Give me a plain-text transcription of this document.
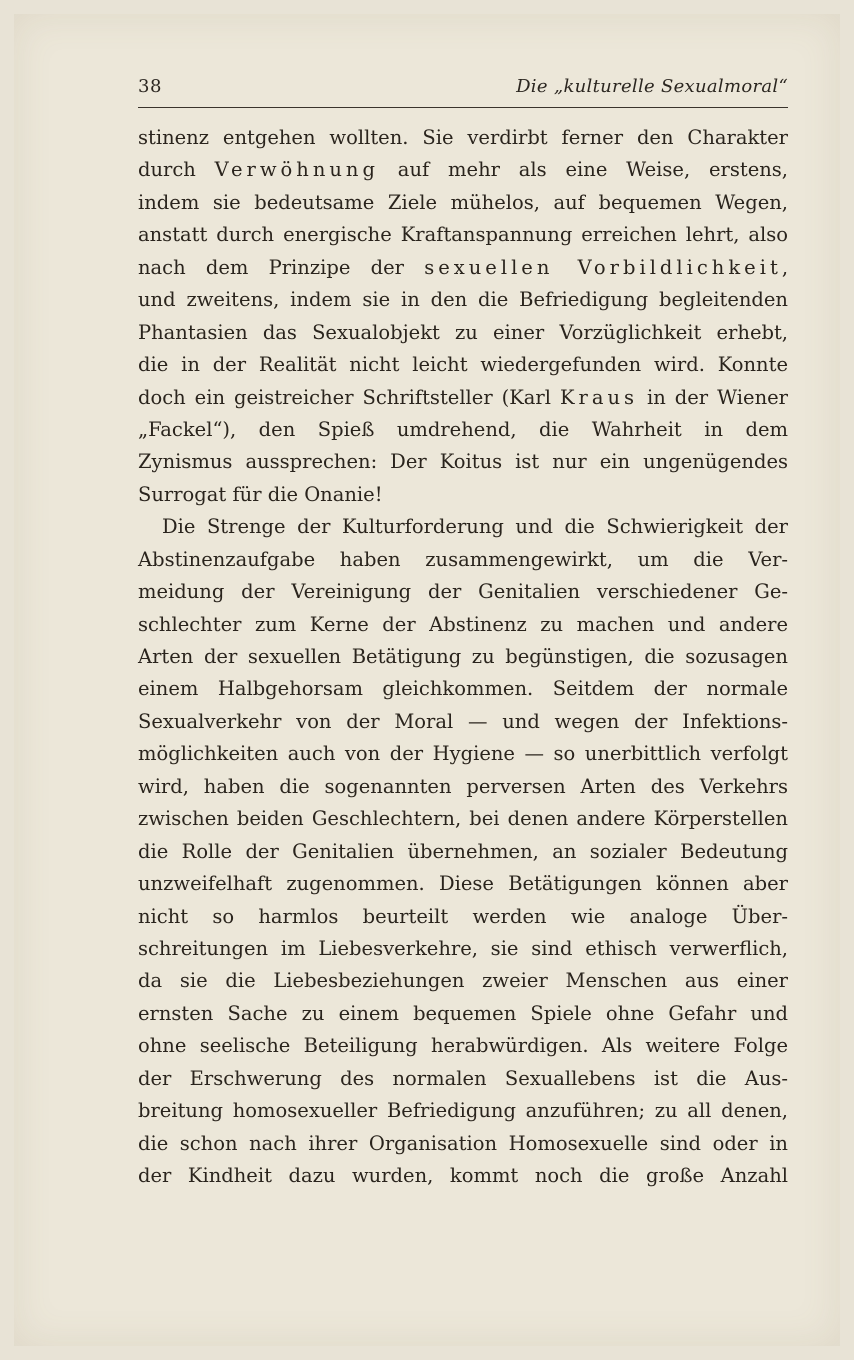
38	Die „kulturelle Sexualmoral“
stinenz entgehen wollten. Sie verdirbt ferner den Charakter
durch Verwöhnung auf mehr als eine Weise, erstens,
indem sie bedeutsame Ziele mühelos, auf bequemen Wegen,
anstatt durch energische Kraftanspannung erreichen lehrt, also
nach dem Prinzipe der sexuellen Vorbildlichkeit,
und zweitens, indem sie in den die Befriedigung begleitenden
Phantasien das Sexualobjekt zu einer Vorzüglichkeit erhebt,
die in der Realität nicht leicht wiedergefunden wird. Konnte
doch ein geistreicher Schriftsteller (Karl Kraus in der Wiener
„Fackel“), den Spieß umdrehend, die Wahrheit in dem
Zynismus aussprechen: Der Koitus ist nur ein ungenügendes
Surrogat für die Onanie!
Die Strenge der Kulturforderung und die Schwierigkeit der
Abstinenzaufgabe haben zusammengewirkt, um die Ver-
meidung der Vereinigung der Genitalien verschiedener Ge-
schlechter zum Kerne der Abstinenz zu machen und andere
Arten der sexuellen Betätigung zu begünstigen, die sozusagen
einem Halbgehorsam gleichkommen. Seitdem der normale
Sexualverkehr von der Moral — und wegen der Infektions-
möglichkeiten auch von der Hygiene — so unerbittlich verfolgt
wird, haben die sogenannten perversen Arten des Verkehrs
zwischen beiden Geschlechtern, bei denen andere Körperstellen
die Rolle der Genitalien übernehmen, an sozialer Bedeutung
unzweifelhaft zugenommen. Diese Betätigungen können aber
nicht so harmlos beurteilt werden wie analoge Über-
schreitungen im Liebesverkehre, sie sind ethisch verwerflich,
da sie die Liebesbeziehungen zweier Menschen aus einer
ernsten Sache zu einem bequemen Spiele ohne Gefahr und
ohne seelische Beteiligung herabwürdigen. Als weitere Folge
der Erschwerung des normalen Sexuallebens ist die Aus-
breitung homosexueller Befriedigung anzuführen; zu all denen,
die schon nach ihrer Organisation Homosexuelle sind oder in
der Kindheit dazu wurden, kommt noch die große Anzahl
